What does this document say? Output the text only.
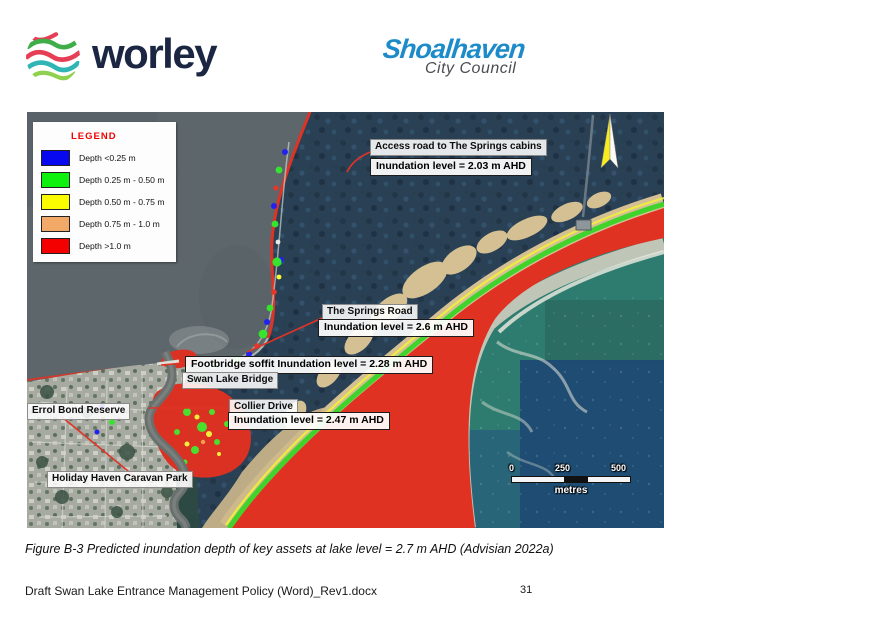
worley	Shoalhaven
City Council
LEGEND
Depth <0.25 m
Depth 0.25 m - 0.50 m
Depth 0.50 m - 0.75 m
Depth 0.75 m - 1.0 m
Depth >1.0 m
Access road to The Springs cabins
Inundation level = 2.03 m AHD
The Springs Road
Inundation level = 2.6 m AHD
Footbridge soffit Inundation level = 2.28 m AHD
Swan Lake Bridge
Collier Drive
Inundation level = 2.47 m AHD
Errol Bond Reserve
Holiday Haven Caravan Park
0	250	500
metres
Figure B-3 Predicted inundation depth of key assets at lake level = 2.7 m AHD (Advisian 2022a)
Draft Swan Lake Entrance Management Policy (Word)_Rev1.docx	31
